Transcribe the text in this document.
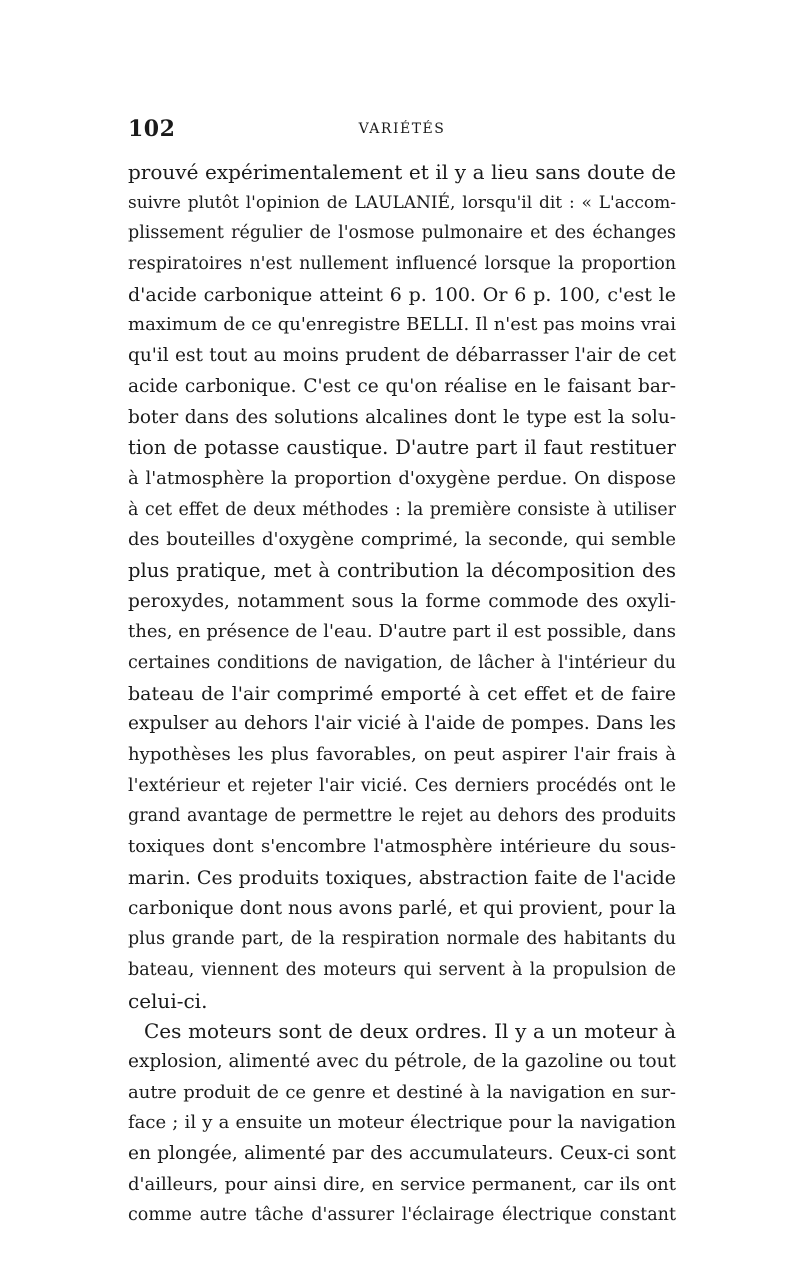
102	VARIÉTÉS
prouvé expérimentalement et il y a lieu sans doute de
suivre plutôt l'opinion de LAULANIÉ, lorsqu'il dit : « L'accom-
plissement régulier de l'osmose pulmonaire et des échanges
respiratoires n'est nullement influencé lorsque la proportion
d'acide carbonique atteint 6 p. 100. Or 6 p. 100, c'est le
maximum de ce qu'enregistre BELLI. Il n'est pas moins vrai
qu'il est tout au moins prudent de débarrasser l'air de cet
acide carbonique. C'est ce qu'on réalise en le faisant bar-
boter dans des solutions alcalines dont le type est la solu-
tion de potasse caustique. D'autre part il faut restituer
à l'atmosphère la proportion d'oxygène perdue. On dispose
à cet effet de deux méthodes : la première consiste à utiliser
des bouteilles d'oxygène comprimé, la seconde, qui semble
plus pratique, met à contribution la décomposition des
peroxydes, notamment sous la forme commode des oxyli-
thes, en présence de l'eau. D'autre part il est possible, dans
certaines conditions de navigation, de lâcher à l'intérieur du
bateau de l'air comprimé emporté à cet effet et de faire
expulser au dehors l'air vicié à l'aide de pompes. Dans les
hypothèses les plus favorables, on peut aspirer l'air frais à
l'extérieur et rejeter l'air vicié. Ces derniers procédés ont le
grand avantage de permettre le rejet au dehors des produits
toxiques dont s'encombre l'atmosphère intérieure du sous-
marin. Ces produits toxiques, abstraction faite de l'acide
carbonique dont nous avons parlé, et qui provient, pour la
plus grande part, de la respiration normale des habitants du
bateau, viennent des moteurs qui servent à la propulsion de
celui-ci.
Ces moteurs sont de deux ordres. Il y a un moteur à
explosion, alimenté avec du pétrole, de la gazoline ou tout
autre produit de ce genre et destiné à la navigation en sur-
face ; il y a ensuite un moteur électrique pour la navigation
en plongée, alimenté par des accumulateurs. Ceux-ci sont
d'ailleurs, pour ainsi dire, en service permanent, car ils ont
comme autre tâche d'assurer l'éclairage électrique constant
